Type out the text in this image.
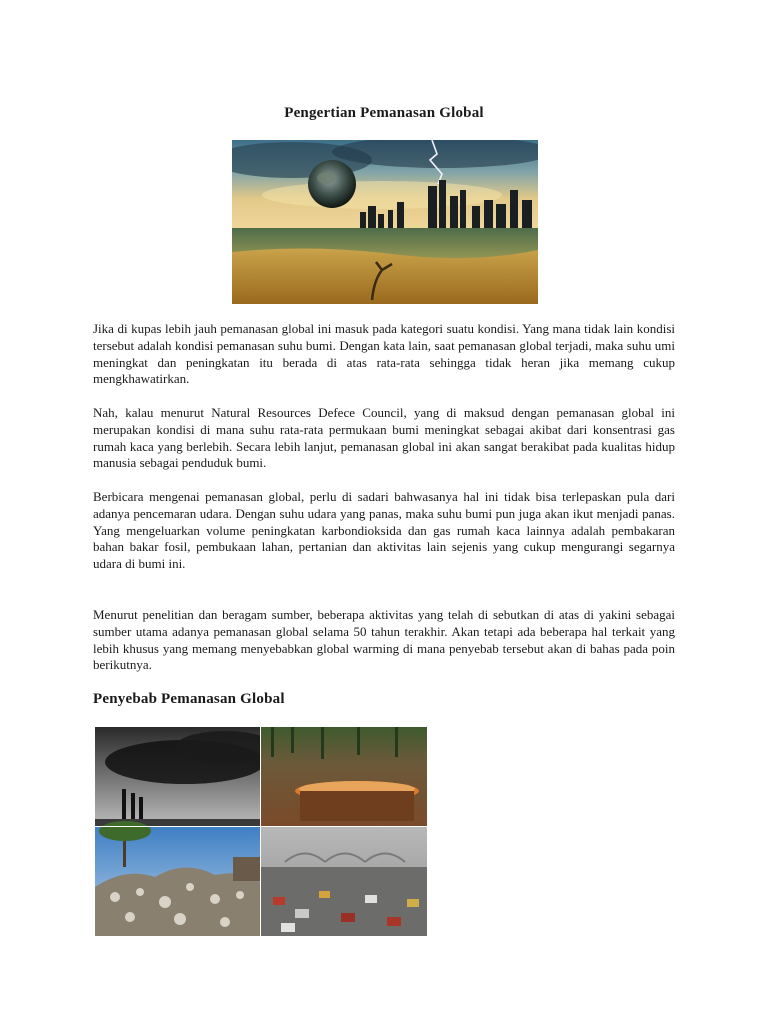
Pengertian Pemanasan Global

Jika di kupas lebih jauh pemanasan global ini masuk pada kategori suatu kondisi. Yang mana tidak lain kondisi tersebut adalah kondisi pemanasan suhu bumi. Dengan kata lain, saat pemanasan global terjadi, maka suhu umi meningkat dan peningkatan itu berada di atas rata-rata sehingga tidak heran jika memang cukup mengkhawatirkan.

Nah, kalau menurut Natural Resources Defece Council, yang di maksud dengan pemanasan global ini merupakan kondisi di mana suhu rata-rata permukaan bumi meningkat sebagai akibat dari konsentrasi gas rumah kaca yang berlebih. Secara lebih lanjut, pemanasan global ini akan sangat berakibat pada kualitas hidup manusia sebagai penduduk bumi.

Berbicara mengenai pemanasan global, perlu di sadari bahwasanya hal ini tidak bisa terlepaskan pula dari adanya pencemaran udara. Dengan suhu udara yang panas, maka suhu bumi pun juga akan ikut menjadi panas. Yang mengeluarkan volume peningkatan karbondioksida dan gas rumah kaca lainnya adalah pembakaran bahan bakar fosil, pembukaan lahan, pertanian dan aktivitas lain sejenis yang cukup mengurangi segarnya udara di bumi ini.

Menurut penelitian dan beragam sumber, beberapa aktivitas yang telah di sebutkan di atas di yakini sebagai sumber utama adanya pemanasan global selama 50 tahun terakhir. Akan tetapi ada beberapa hal terkait yang lebih khusus yang memang menyebabkan global warming di mana penyebab tersebut akan di bahas pada poin berikutnya.

Penyebab Pemanasan Global
